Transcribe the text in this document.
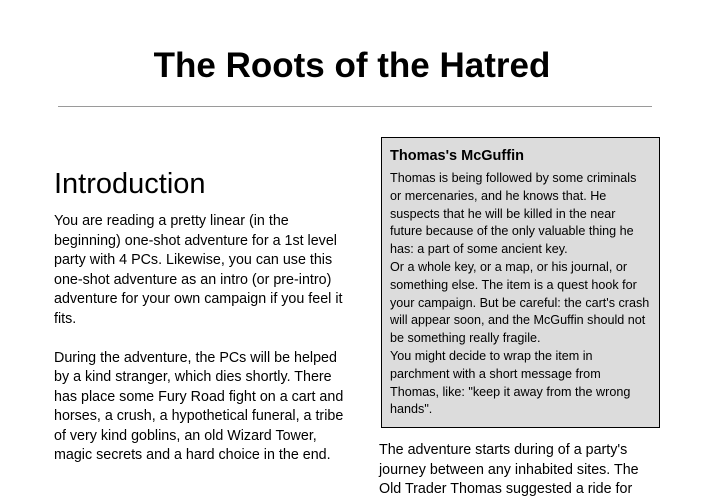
The Roots of the Hatred
Introduction

You are reading a pretty linear (in the beginning) one-shot adventure for a 1st level party with 4 PCs. Likewise, you can use this one-shot adventure as an intro (or pre-intro) adventure for your own campaign if you feel it fits.

During the adventure, the PCs will be helped by a kind stranger, which dies shortly. There has place some Fury Road fight on a cart and horses, a crush, a hypothetical funeral, a tribe of very kind goblins, an old Wizard Tower, magic secrets and a hard choice in the end.

Thomas's McGuffin

Thomas is being followed by some criminals or mercenaries, and he knows that. He suspects that he will be killed in the near future because of the only valuable thing he has: a part of some ancient key.

Or a whole key, or a map, or his journal, or something else. The item is a quest hook for your campaign. But be careful: the cart's crash will appear soon, and the McGuffin should not be something really fragile.

You might decide to wrap the item in parchment with a short message from Thomas, like: "keep it away from the wrong hands".

The adventure starts during of a party's journey between any inhabited sites. The Old Trader Thomas suggested a ride for
